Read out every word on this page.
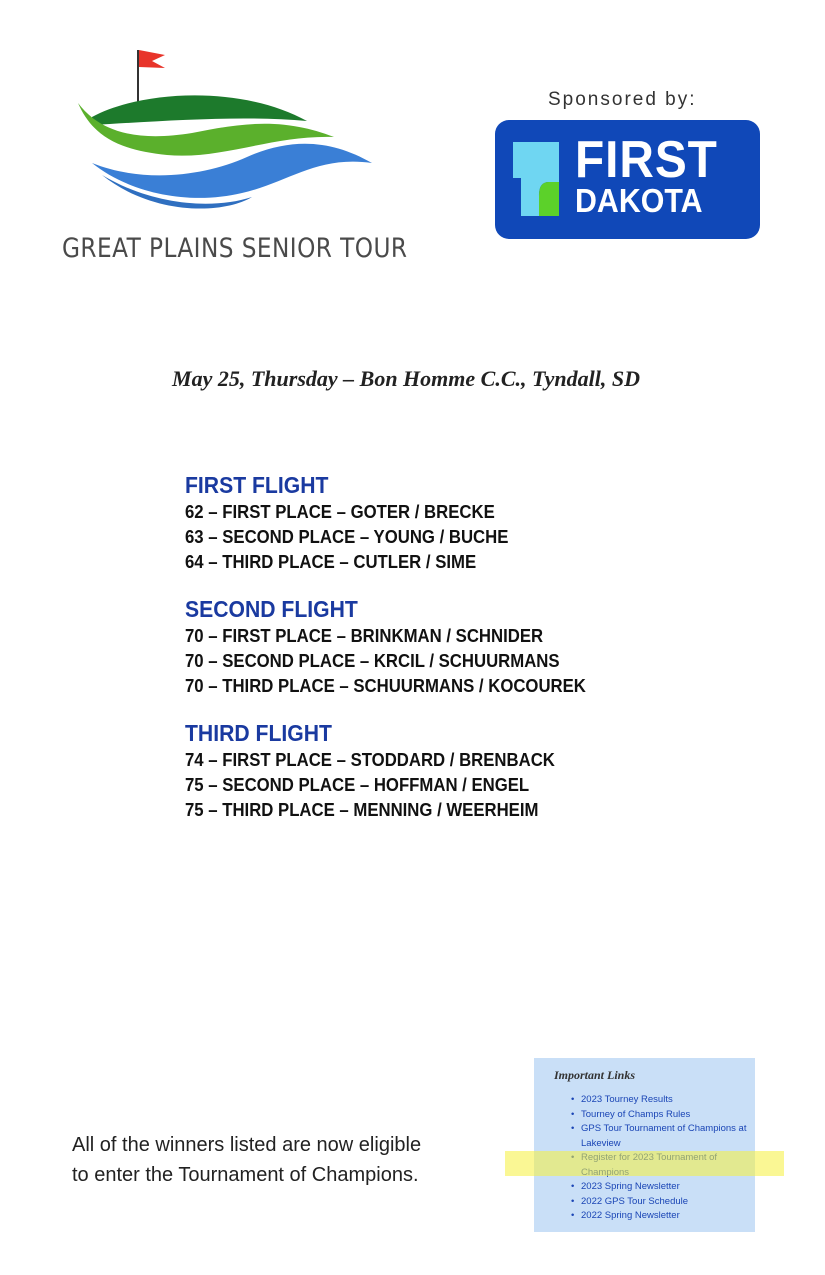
GREAT PLAINS SENIOR TOUR
Sponsored by:
FIRST
DAKOTA
May 25, Thursday – Bon Homme C.C., Tyndall, SD
FIRST FLIGHT
62 – FIRST PLACE – GOTER / BRECKE
63 – SECOND PLACE – YOUNG / BUCHE
64 – THIRD PLACE – CUTLER / SIME
SECOND FLIGHT
70 – FIRST PLACE – BRINKMAN / SCHNIDER
70 – SECOND PLACE – KRCIL / SCHUURMANS
70 – THIRD PLACE – SCHUURMANS / KOCOUREK
THIRD FLIGHT
74 – FIRST PLACE – STODDARD / BRENBACK
75 – SECOND PLACE – HOFFMAN / ENGEL
75 – THIRD PLACE – MENNING / WEERHEIM
All of the winners listed are now eligible
to enter the Tournament of Champions.
Important Links
• 2023 Tourney Results
• Tourney of Champs Rules
• GPS Tour Tournament of Champions at Lakeview
•
• 2023 Spring Newsletter
• 2022 GPS Tour Schedule
• 2022 Spring Newsletter
